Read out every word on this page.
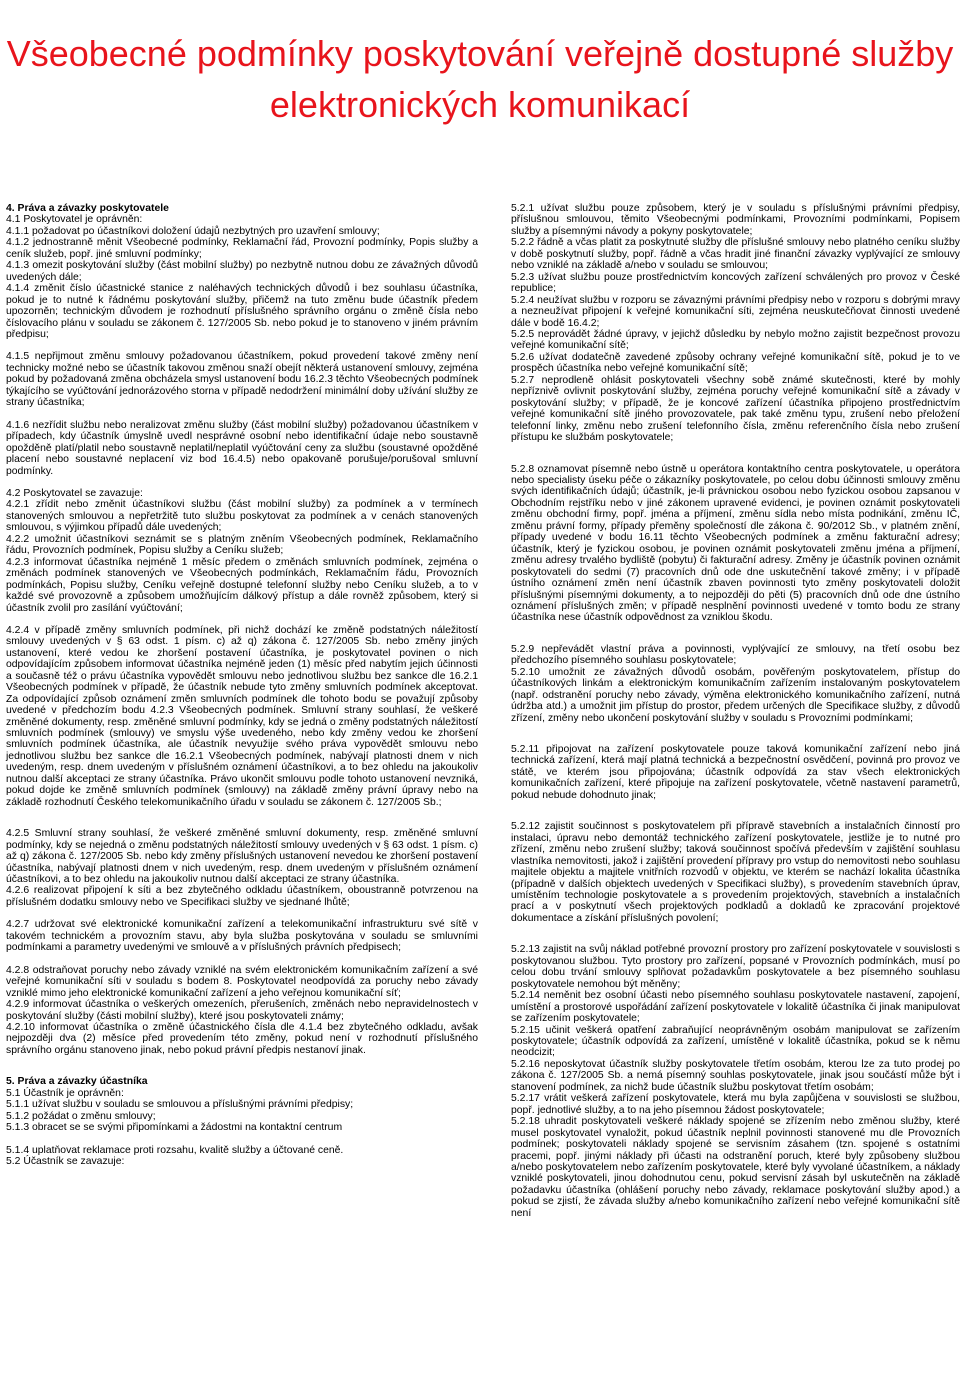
Všeobecné podmínky poskytování veřejně dostupné služby elektronických komunikací

4. Práva a závazky poskytovatele

4.1 Poskytovatel je oprávněn:

4.1.1 požadovat po účastníkovi doložení údajů nezbytných pro uzavření smlouvy;

4.1.2 jednostranně měnit Všeobecné podmínky, Reklamační řád, Provozní podmínky, Popis služby a ceník služeb, popř. jiné smluvní podmínky;

4.1.3 omezit poskytování služby (část mobilní služby) po nezbytně nutnou dobu ze závažných důvodů uvedených dále;

4.1.4 změnit číslo účastnické stanice z naléhavých technických důvodů i bez souhlasu účastníka, pokud je to nutné k řádnému poskytování služby, přičemž na tuto změnu bude účastník předem upozorněn; technickým důvodem je rozhodnutí příslušného správního orgánu o změně čísla nebo číslovacího plánu v souladu se zákonem č. 127/2005 Sb. nebo pokud je to stanoveno v jiném právním předpisu;

4.1.5 nepřijmout změnu smlouvy požadovanou účastníkem, pokud provedení takové změny není technicky možné nebo se účastník takovou změnou snaží obejít některá ustanovení smlouvy, zejména pokud by požadovaná změna obcházela smysl ustanovení bodu 16.2.3 těchto Všeobecných podmínek týkajícího se vyúčtování jednorázového storna v případě nedodržení minimální doby užívání služby ze strany účastníka;

4.1.6 nezřídit službu nebo neralizovat změnu služby (část mobilní služby) požadovanou účastníkem v případech, kdy účastník úmyslně uvedl nesprávné osobní nebo identifikační údaje nebo soustavně opožděně platí/platil nebo soustavně neplatil/neplatil vyúčtování ceny za službu (soustavné opožděné placení nebo soustavné neplacení viz bod 16.4.5) nebo opakovaně porušuje/porušoval smluvní podmínky.

4.2 Poskytovatel se zavazuje:

4.2.1 zřídit nebo změnit účastníkovi službu (část mobilní služby) za podmínek a v termínech stanovených smlouvou a nepřetržitě tuto službu poskytovat za podmínek a v cenách stanovených smlouvou, s výjimkou případů dále uvedených;

4.2.2 umožnit účastníkovi seznámit se s platným zněním Všeobecných podmínek, Reklamačního řádu, Provozních podmínek, Popisu služby a Ceníku služeb;

4.2.3 informovat účastníka nejméně 1 měsíc předem o změnách smluvních podmínek, zejména o změnách podmínek stanovených ve Všeobecných podmínkách, Reklamačním řádu, Provozních podmínkách, Popisu služby, Ceníku veřejně dostupné telefonní služby nebo Ceníku služeb, a to v každé své provozovně a způsobem umožňujícím dálkový přístup a dále rovněž způsobem, který si účastník zvolil pro zasílání vyúčtování;

4.2.4 v případě změny smluvních podmínek, při nichž dochází ke změně podstatných náležitostí smlouvy uvedených v § 63 odst. 1 písm. c) až q) zákona č. 127/2005 Sb. nebo změny jiných ustanovení, které vedou ke zhoršení postavení účastníka, je poskytovatel povinen o nich odpovídajícím způsobem informovat účastníka nejméně jeden (1) měsíc před nabytím jejich účinnosti a současně též o právu účastníka vypovědět smlouvu nebo jednotlivou službu bez sankce dle 16.2.1 Všeobecných podmínek v případě, že účastník nebude tyto změny smluvních podmínek akceptovat. Za odpovídající způsob oznámení změn smluvních podmínek dle tohoto bodu se považují způsoby uvedené v předchozím bodu 4.2.3 Všeobecných podmínek. Smluvní strany souhlasí, že veškeré změněné dokumenty, resp. změněné smluvní podmínky, kdy se jedná o změny podstatných náležitostí smluvních podmínek (smlouvy) ve smyslu výše uvedeného, nebo kdy změny vedou ke zhoršení smluvních podmínek účastníka, ale účastník nevyužije svého práva vypovědět smlouvu nebo jednotlivou službu bez sankce dle 16.2.1 Všeobecných podmínek, nabývají platnosti dnem v nich uvedeným, resp. dnem uvedeným v příslušném oznámení účastníkovi, a to bez ohledu na jakoukoliv nutnou další akceptaci ze strany účastníka. Právo ukončit smlouvu podle tohoto ustanovení nevzniká, pokud dojde ke změně smluvních podmínek (smlouvy) na základě změny právní úpravy nebo na základě rozhodnutí Českého telekomunikačního úřadu v souladu se zákonem č. 127/2005 Sb.;

4.2.5 Smluvní strany souhlasí, že veškeré změněné smluvní dokumenty, resp. změněné smluvní podmínky, kdy se nejedná o změnu podstatných náležitostí smlouvy uvedených v § 63 odst. 1 písm. c) až q) zákona č. 127/2005 Sb. nebo kdy změny příslušných ustanovení nevedou ke zhoršení postavení účastníka, nabývají platnosti dnem v nich uvedeným, resp. dnem uvedeným v příslušném oznámení účastníkovi, a to bez ohledu na jakoukoliv nutnou další akceptaci ze strany účastníka.

4.2.6 realizovat připojení k síti a bez zbytečného odkladu účastníkem, oboustranně potvrzenou na příslušném dodatku smlouvy nebo ve Specifikaci služby ve sjednané lhůtě;

4.2.7 udržovat své elektronické komunikační zařízení a telekomunikační infrastrukturu své sítě v takovém technickém a provozním stavu, aby byla služba poskytována v souladu se smluvními podmínkami a parametry uvedenými ve smlouvě a v příslušných právních předpisech;

4.2.8 odstraňovat poruchy nebo závady vzniklé na svém elektronickém komunikačním zařízení a své veřejné komunikační síti v souladu s bodem 8. Poskytovatel neodpovídá za poruchy nebo závady vzniklé mimo jeho elektronické komunikační zařízení a jeho veřejnou komunikační síť;

4.2.9 informovat účastníka o veškerých omezeních, přerušeních, změnách nebo nepravidelnostech v poskytování služby (části mobilní služby), které jsou poskytovateli známy;

4.2.10 informovat účastníka o změně účastnického čísla dle 4.1.4 bez zbytečného odkladu, avšak nejpozději dva (2) měsíce před provedením této změny, pokud není v rozhodnutí příslušného správního orgánu stanoveno jinak, nebo pokud právní předpis nestanoví jinak.

5. Práva a závazky účastníka

5.1 Účastník je oprávněn:

5.1.1 užívat službu v souladu se smlouvou a příslušnými právními předpisy;

5.1.2 požádat o změnu smlouvy;

5.1.3 obracet se se svými připomínkami a žádostmi na kontaktní centrum

5.1.4 uplatňovat reklamace proti rozsahu, kvalitě služby a účtované ceně.

5.2 Účastník se zavazuje:

5.2.1 užívat službu pouze způsobem, který je v souladu s příslušnými právními předpisy, příslušnou smlouvou, těmito Všeobecnými podmínkami, Provozními podmínkami, Popisem služby a písemnými návody a pokyny poskytovatele;

5.2.2 řádně a včas platit za poskytnuté služby dle příslušné smlouvy nebo platného ceníku služby v době poskytnutí služby, popř. řádně a včas hradit jiné finanční závazky vyplývající ze smlouvy nebo vzniklé na základě a/nebo v souladu se smlouvou;

5.2.3 užívat službu pouze prostřednictvím koncových zařízení schválených pro provoz v České republice;

5.2.4 neužívat službu v rozporu se závaznými právními předpisy nebo v rozporu s dobrými mravy a nezneužívat připojení k veřejné komunikační síti, zejména neuskutečňovat činnosti uvedené dále v bodě 16.4.2;

5.2.5 neprovádět žádné úpravy, v jejichž důsledku by nebylo možno zajistit bezpečnost provozu veřejné komunikační sítě;

5.2.6 užívat dodatečně zavedené způsoby ochrany veřejné komunikační sítě, pokud je to ve prospěch účastníka nebo veřejné komunikační sítě;

5.2.7 neprodleně ohlásit poskytovateli všechny sobě známé skutečnosti, které by mohly nepříznivě ovlivnit poskytování služby, zejména poruchy veřejné komunikační sítě a závady v poskytování služby; v případě, že je koncové zařízení účastníka připojeno prostřednictvím veřejné komunikační sítě jiného provozovatele, pak také změnu typu, zrušení nebo přeložení telefonní linky, změnu nebo zrušení telefonního čísla, změnu referenčního čísla nebo zrušení přístupu ke službám poskytovatele;

5.2.8 oznamovat písemně nebo ústně u operátora kontaktního centra poskytovatele, u operátora nebo specialisty úseku péče o zákazníky poskytovatele, po celou dobu účinnosti smlouvy změnu svých identifikačních údajů; účastník, je-li právnickou osobou nebo fyzickou osobou zapsanou v Obchodním rejstříku nebo v jiné zákonem upravené evidenci, je povinen oznámit poskytovateli změnu obchodní firmy, popř. jména a příjmení, změnu sídla nebo místa podnikání, změnu IČ, změnu právní formy, případy přeměny společností dle zákona č. 90/2012 Sb., v platném znění, případy uvedené v bodu 16.11 těchto Všeobecných podmínek a změnu fakturační adresy; účastník, který je fyzickou osobou, je povinen oznámit poskytovateli změnu jména a příjmení, změnu adresy trvalého bydliště (pobytu) či fakturační adresy. Změny je účastník povinen oznámit poskytovateli do sedmi (7) pracovních dnů ode dne uskutečnění takové změny; i v případě ústního oznámení změn není účastník zbaven povinnosti tyto změny poskytovateli doložit příslušnými písemnými dokumenty, a to nejpozději do pěti (5) pracovních dnů ode dne ústního oznámení příslušných změn; v případě nesplnění povinnosti uvedené v tomto bodu ze strany účastníka nese účastník odpovědnost za vzniklou škodu.

5.2.9 nepřevádět vlastní práva a povinnosti, vyplývající ze smlouvy, na třetí osobu bez předchozího písemného souhlasu poskytovatele;

5.2.10 umožnit ze závažných důvodů osobám, pověřeným poskytovatelem, přístup do účastníkových linkám a elektronickým komunikačním zařízením instalovaným poskytovatelem (např. odstranění poruchy nebo závady, výměna elektronického komunikačního zařízení, nutná údržba atd.) a umožnit jim přístup do prostor, předem určených dle Specifikace služby, z důvodů zřízení, změny nebo ukončení poskytování služby v souladu s Provozními podmínkami;

5.2.11 připojovat na zařízení poskytovatele pouze taková komunikační zařízení nebo jiná technická zařízení, která mají platná technická a bezpečnostní osvědčení, povinná pro provoz ve státě, ve kterém jsou připojována; účastník odpovídá za stav všech elektronických komunikačních zařízení, které připojuje na zařízení poskytovatele, včetně nastavení parametrů, pokud nebude dohodnuto jinak;

5.2.12 zajistit součinnost s poskytovatelem při přípravě stavebních a instalačních činností pro instalaci, úpravu nebo demontáž technického zařízení poskytovatele, jestliže je to nutné pro zřízení, změnu nebo zrušení služby; taková součinnost spočívá především v zajištění souhlasu vlastníka nemovitosti, jakož i zajištění provedení přípravy pro vstup do nemovitosti nebo souhlasu majitele objektu a majitele vnitřních rozvodů v objektu, ve kterém se nachází lokalita účastníka (případně v dalších objektech uvedených v Specifikaci služby), s provedením stavebních úprav, umístěním technologie poskytovatele a s provedením projektových, stavebních a instalačních prací a v poskytnutí všech projektových podkladů a dokladů ke zpracování projektové dokumentace a získání příslušných povolení;

5.2.13 zajistit na svůj náklad potřebné provozní prostory pro zařízení poskytovatele v souvislosti s poskytovanou službou. Tyto prostory pro zařízení, popsané v Provozních podmínkách, musí po celou dobu trvání smlouvy splňovat požadavkům poskytovatele a bez písemného souhlasu poskytovatele nemohou být měněny;

5.2.14 neměnit bez osobní účasti nebo písemného souhlasu poskytovatele nastavení, zapojení, umístění a prostorové uspořádání zařízení poskytovatele v lokalitě účastníka či jinak manipulovat se zařízením poskytovatele;

5.2.15 učinit veškerá opatření zabraňující neoprávněným osobám manipulovat se zařízením poskytovatele; účastník odpovídá za zařízení, umístěné v lokalitě účastníka, pokud se k němu neodcizit;

5.2.16 neposkytovat účastník služby poskytovatele třetím osobám, kterou lze za tuto prodej po zákona č. 127/2005 Sb. a nemá písemný souhlas poskytovatele, jinak jsou součástí může být i stanovení podmínek, za nichž bude účastník službu poskytovat třetím osobám;

5.2.17 vrátit veškerá zařízení poskytovatele, která mu byla zapůjčena v souvislosti se službou, popř. jednotlivé služby, a to na jeho písemnou žádost poskytovatele;

5.2.18 uhradit poskytovateli veškeré náklady spojené se zřízením nebo změnou služby, které musel poskytovatel vynaložit, pokud účastník neplnil povinnosti stanovené mu dle Provozních podmínek; poskytovateli náklady spojené se servisním zásahem (tzn. spojené s ostatními pracemi, popř. jinými náklady při účasti na odstranění poruch, které byly způsobeny službou a/nebo poskytovatelem nebo zařízením poskytovatele, které byly vyvolané účastníkem, a náklady vzniklé poskytovateli, jinou dohodnutou cenu, pokud servisní zásah byl uskutečněn na základě požadavku účastníka (ohlášení poruchy nebo závady, reklamace poskytování služby apod.) a pokud se zjistí, že závada služby a/nebo komunikačního zařízení nebo veřejné komunikační sítě není
